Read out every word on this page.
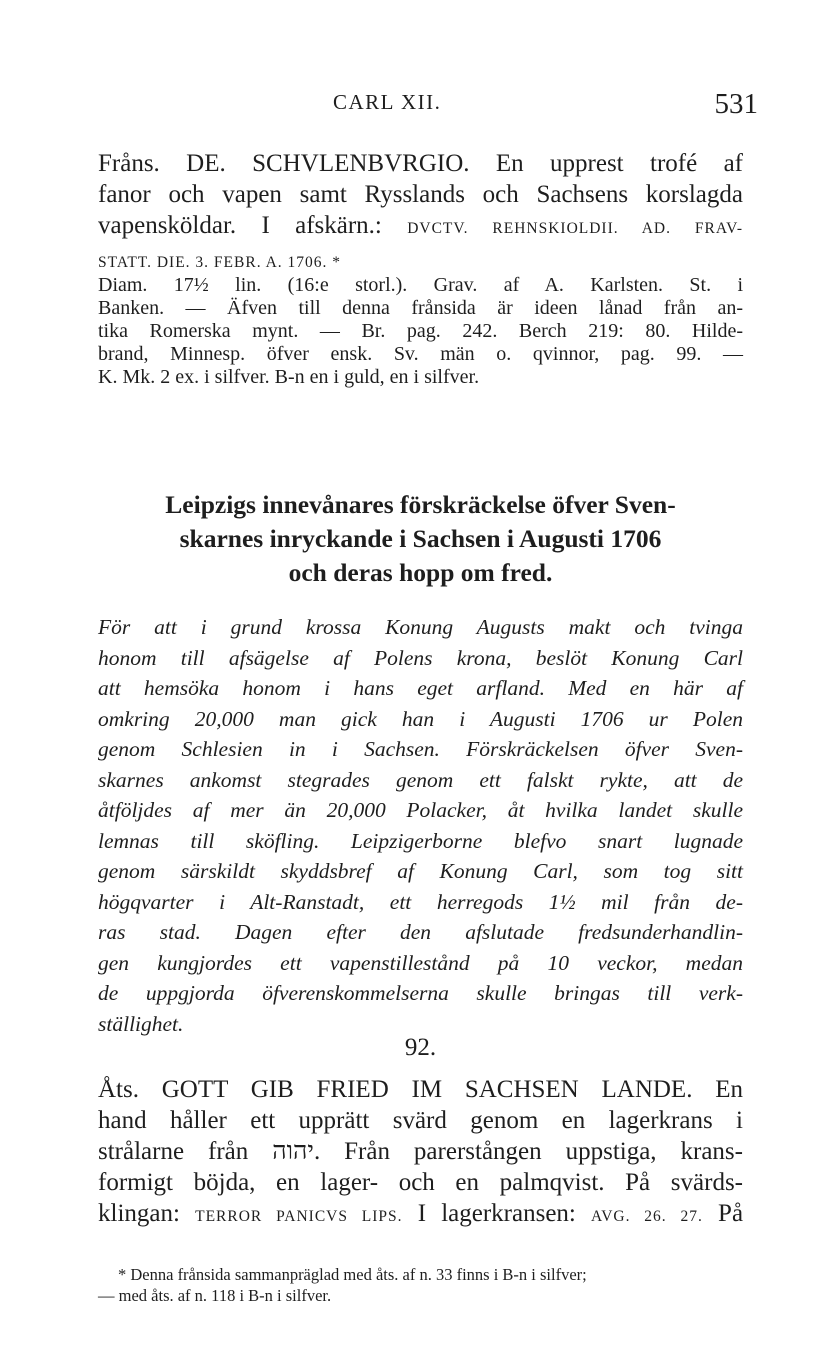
CARL XII.	531
Fråns. DE. SCHVLENBVRGIO. En upprest trofé af
fanor och vapen samt Rysslands och Sachsens korslagda
vapensköldar. I afskärn.: DVCTV. REHNSKIOLDII. AD. FRAV-
STATT. DIE. 3. FEBR. A. 1706. *
Diam. 17½ lin. (16:e storl.). Grav. af A. Karlsten. St. i
Banken. — Äfven till denna frånsida är ideen lånad från an-
tika Romerska mynt. — Br. pag. 242. Berch 219: 80. Hilde-
brand, Minnesp. öfver ensk. Sv. män o. qvinnor, pag. 99. —
K. Mk. 2 ex. i silfver. B-n en i guld, en i silfver.
Leipzigs innevånares förskräckelse öfver Sven-
skarnes inryckande i Sachsen i Augusti 1706
och deras hopp om fred.
För att i grund krossa Konung Augusts makt och tvinga
honom till afsägelse af Polens krona, beslöt Konung Carl
att hemsöka honom i hans eget arfland. Med en här af
omkring 20,000 man gick han i Augusti 1706 ur Polen
genom Schlesien in i Sachsen. Förskräckelsen öfver Sven-
skarnes ankomst stegrades genom ett falskt rykte, att de
åtföljdes af mer än 20,000 Polacker, åt hvilka landet skulle
lemnas till sköfling. Leipzigerborne blefvo snart lugnade
genom särskildt skyddsbref af Konung Carl, som tog sitt
högqvarter i Alt-Ranstadt, ett herregods 1½ mil från de-
ras stad. Dagen efter den afslutade fredsunderhandlin-
gen kungjordes ett vapenstillestånd på 10 veckor, medan
de uppgjorda öfverenskommelserna skulle bringas till verk-
ställighet.
92.
Åts. GOTT GIB FRIED IM SACHSEN LANDE. En
hand håller ett upprätt svärd genom en lagerkrans i
strålarne från יהוה. Från parerstången uppstiga, krans-
formigt böjda, en lager- och en palmqvist. På svärds-
klingan: TERROR PANICVS LIPS. I lagerkransen: AVG. 26. 27. På
* Denna frånsida sammanpräglad med åts. af n. 33 finns i B-n i silfver;
— med åts. af n. 118 i B-n i silfver.
